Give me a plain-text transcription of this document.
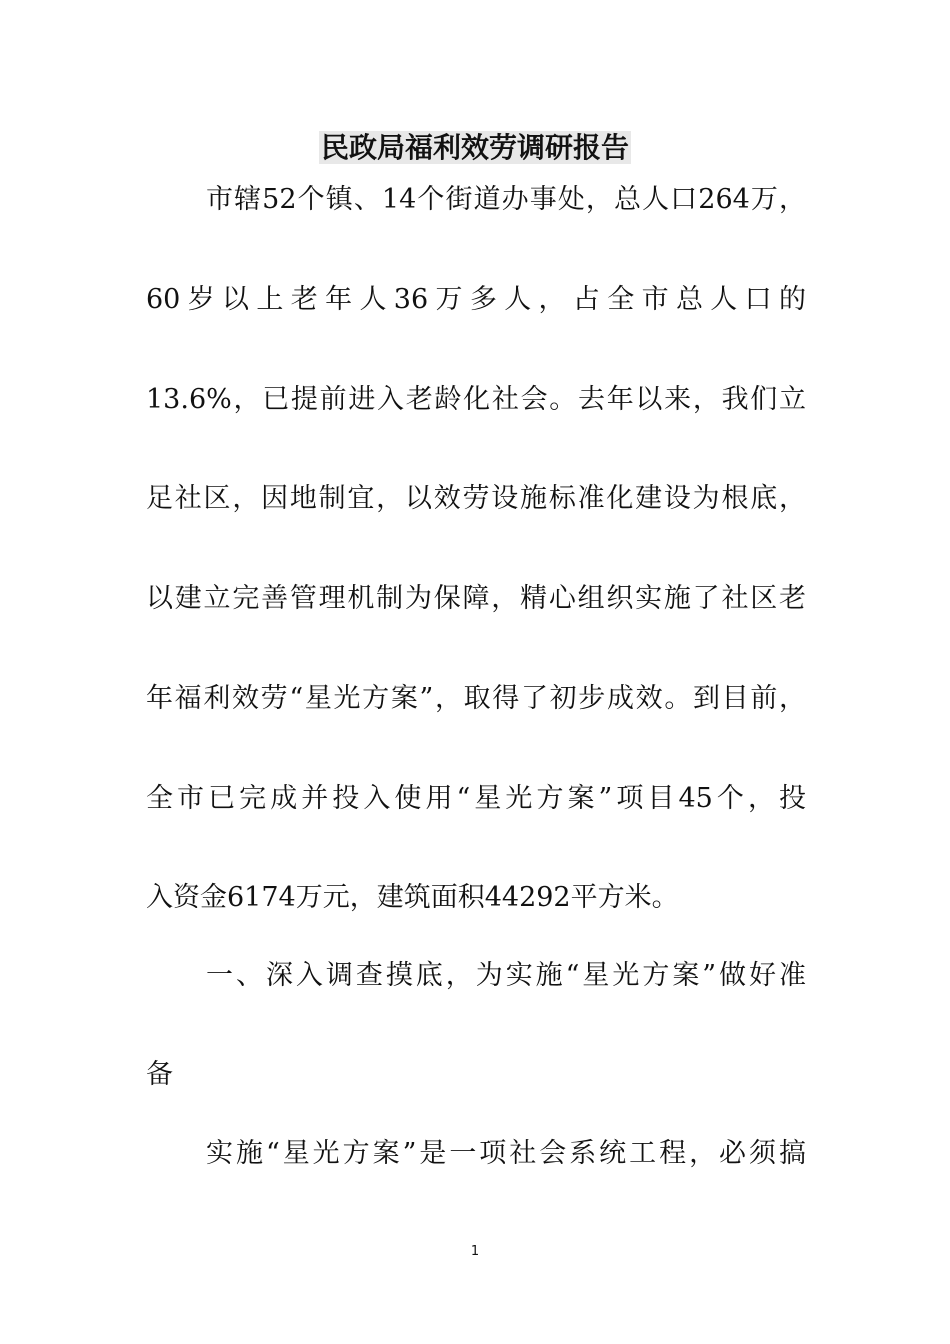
民政局福利效劳调研报告

市辖52个镇、14个街道办事处，总人口264万，

60岁以上老年人36万多人，占全市总人口的

13.6%，已提前进入老龄化社会。去年以来，我们立

足社区，因地制宜，以效劳设施标准化建设为根底，

以建立完善管理机制为保障，精心组织实施了社区老

年福利效劳“星光方案”，取得了初步成效。到目前，

全市已完成并投入使用“星光方案”项目45个，投

入资金6174万元，建筑面积44292平方米。

一、深入调查摸底，为实施“星光方案”做好准

备

实施“星光方案”是一项社会系统工程，必须搞

1
